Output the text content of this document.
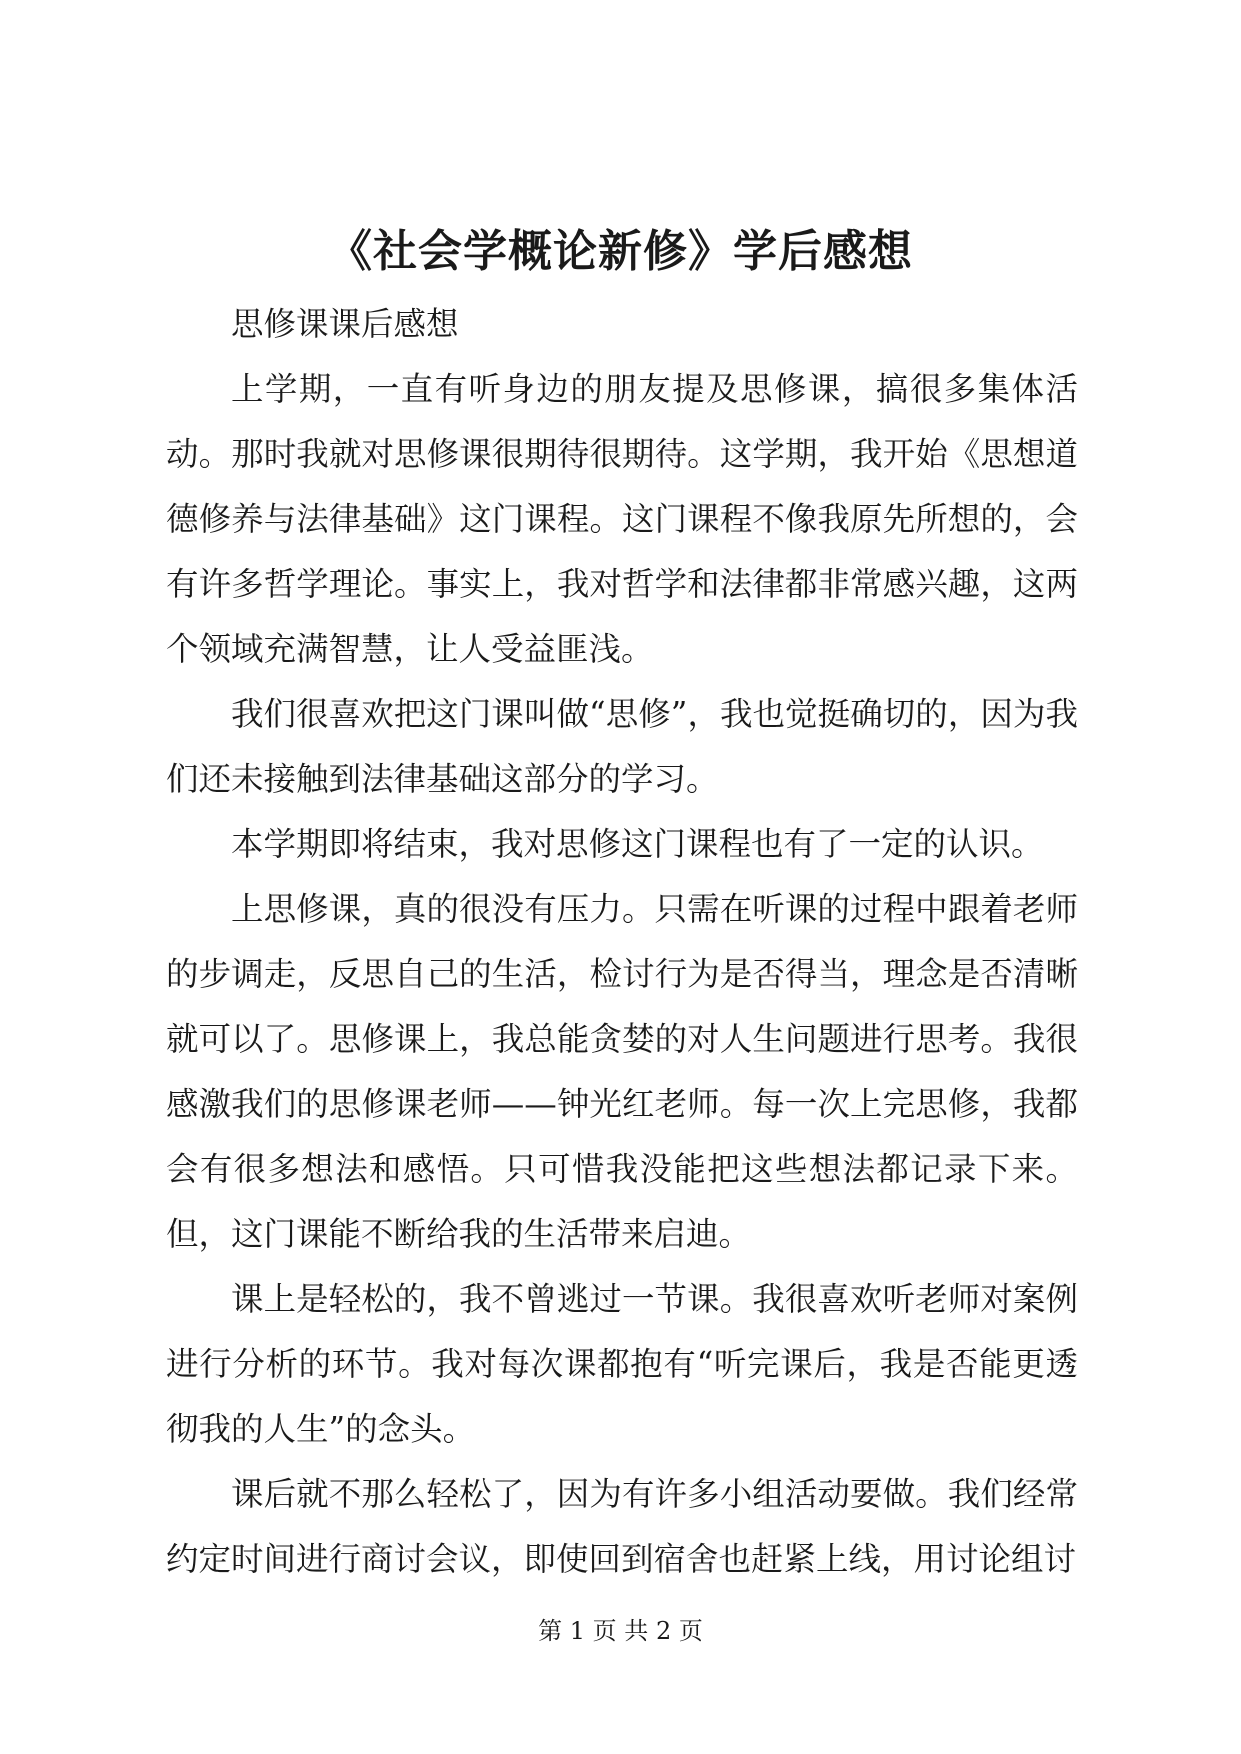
《社会学概论新修》学后感想

思修课课后感想

上学期，一直有听身边的朋友提及思修课，搞很多集体活动。那时我就对思修课很期待很期待。这学期，我开始《思想道德修养与法律基础》这门课程。这门课程不像我原先所想的，会有许多哲学理论。事实上，我对哲学和法律都非常感兴趣，这两个领域充满智慧，让人受益匪浅。

我们很喜欢把这门课叫做“思修”，我也觉挺确切的，因为我们还未接触到法律基础这部分的学习。

本学期即将结束，我对思修这门课程也有了一定的认识。

上思修课，真的很没有压力。只需在听课的过程中跟着老师的步调走，反思自己的生活，检讨行为是否得当，理念是否清晰就可以了。思修课上，我总能贪婪的对人生问题进行思考。我很感激我们的思修课老师——钟光红老师。每一次上完思修，我都会有很多想法和感悟。只可惜我没能把这些想法都记录下来。但，这门课能不断给我的生活带来启迪。

课上是轻松的，我不曾逃过一节课。我很喜欢听老师对案例进行分析的环节。我对每次课都抱有“听完课后，我是否能更透彻我的人生”的念头。

课后就不那么轻松了，因为有许多小组活动要做。我们经常约定时间进行商讨会议，即使回到宿舍也赶紧上线，用讨论组讨

第 1 页 共 2 页
